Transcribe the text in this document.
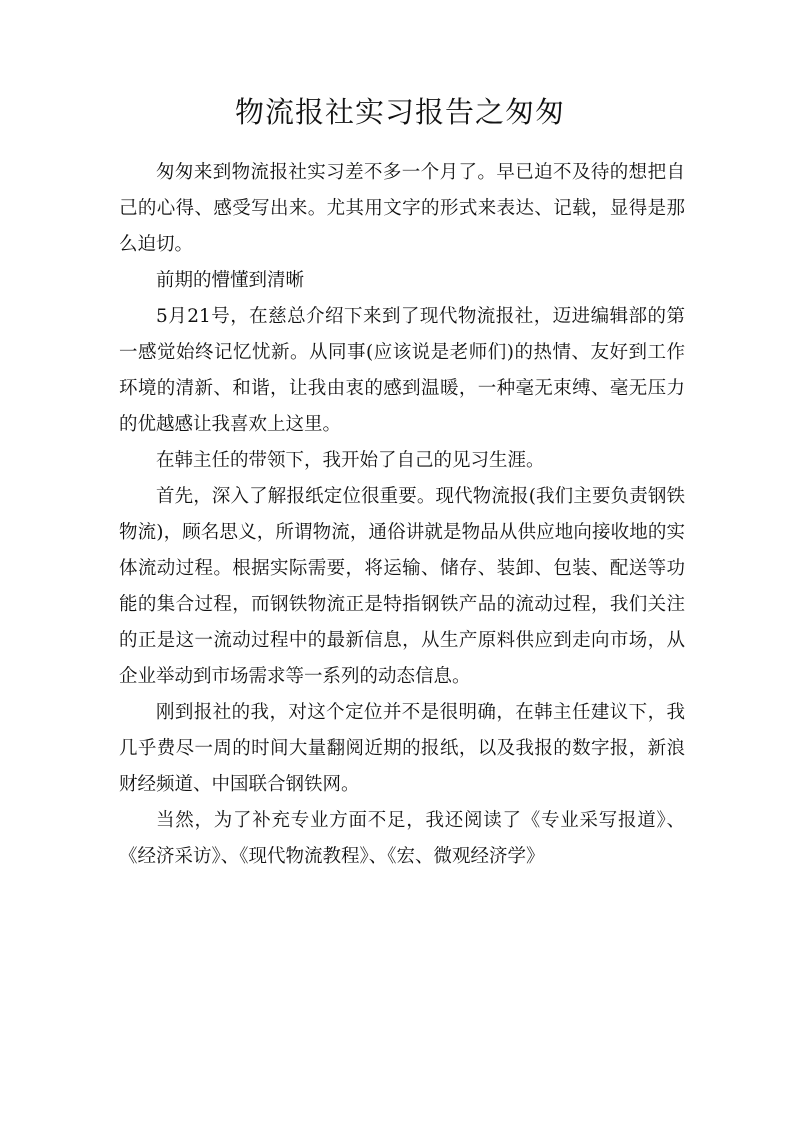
物流报社实习报告之匆匆

匆匆来到物流报社实习差不多一个月了。早已迫不及待的想把自己的心得、感受写出来。尤其用文字的形式来表达、记载，显得是那么迫切。

前期的懵懂到清晰

5月21号，在慈总介绍下来到了现代物流报社，迈进编辑部的第一感觉始终记忆忧新。从同事(应该说是老师们)的热情、友好到工作环境的清新、和谐，让我由衷的感到温暖，一种毫无束缚、毫无压力的优越感让我喜欢上这里。

在韩主任的带领下，我开始了自己的见习生涯。

首先，深入了解报纸定位很重要。现代物流报(我们主要负责钢铁物流)，顾名思义，所谓物流，通俗讲就是物品从供应地向接收地的实体流动过程。根据实际需要，将运输、储存、装卸、包装、配送等功能的集合过程，而钢铁物流正是特指钢铁产品的流动过程，我们关注的正是这一流动过程中的最新信息，从生产原料供应到走向市场，从企业举动到市场需求等一系列的动态信息。

刚到报社的我，对这个定位并不是很明确，在韩主任建议下，我几乎费尽一周的时间大量翻阅近期的报纸，以及我报的数字报，新浪财经频道、中国联合钢铁网。

当然，为了补充专业方面不足，我还阅读了《专业采写报道》、《经济采访》、《现代物流教程》、《宏、微观经济学》
